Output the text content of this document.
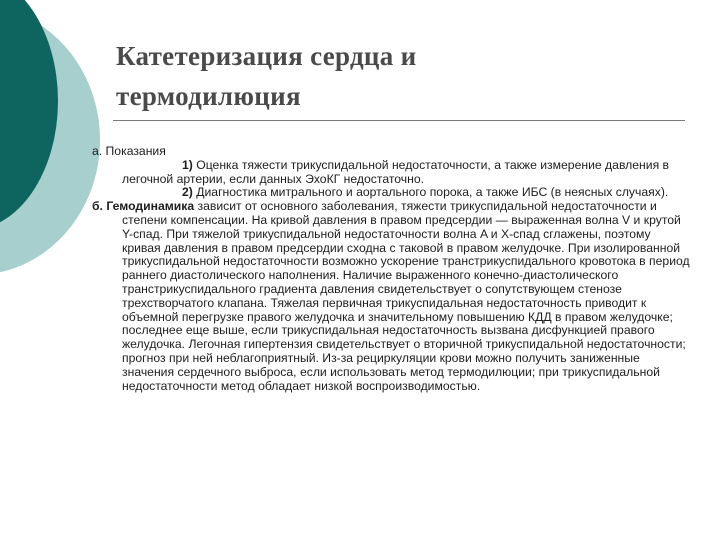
Катетеризация сердца и
термодилюция

а. Показания

1) Оценка тяжести трикуспидальной недостаточности, а также измерение давления в легочной артерии, если данных ЭхоКГ недостаточно.

2) Диагностика митрального и аортального порока, а также ИБС (в неясных случаях).

б. Гемодинамика зависит от основного заболевания, тяжести трикуспидальной недостаточности и степени компенсации. На кривой давления в правом предсердии — выраженная волна V и крутой Y-спад. При тяжелой трикуспидальной недостаточности волна A и X-спад сглажены, поэтому кривая давления в правом предсердии сходна с таковой в правом желудочке. При изолированной трикуспидальной недостаточности возможно ускорение транстрикуспидального кровотока в период раннего диастолического наполнения. Наличие выраженного конечно-диастолического транстрикуспидального градиента давления свидетельствует о сопутствующем стенозе трехстворчатого клапана. Тяжелая первичная трикуспидальная недостаточность приводит к объемной перегрузке правого желудочка и значительному повышению КДД в правом желудочке; последнее еще выше, если трикуспидальная недостаточность вызвана дисфункцией правого желудочка. Легочная гипертензия свидетельствует о вторичной трикуспидальной недостаточности; прогноз при ней неблагоприятный. Из-за рециркуляции крови можно получить заниженные значения сердечного выброса, если использовать метод термодилюции; при трикуспидальной недостаточности метод обладает низкой воспроизводимостью.
